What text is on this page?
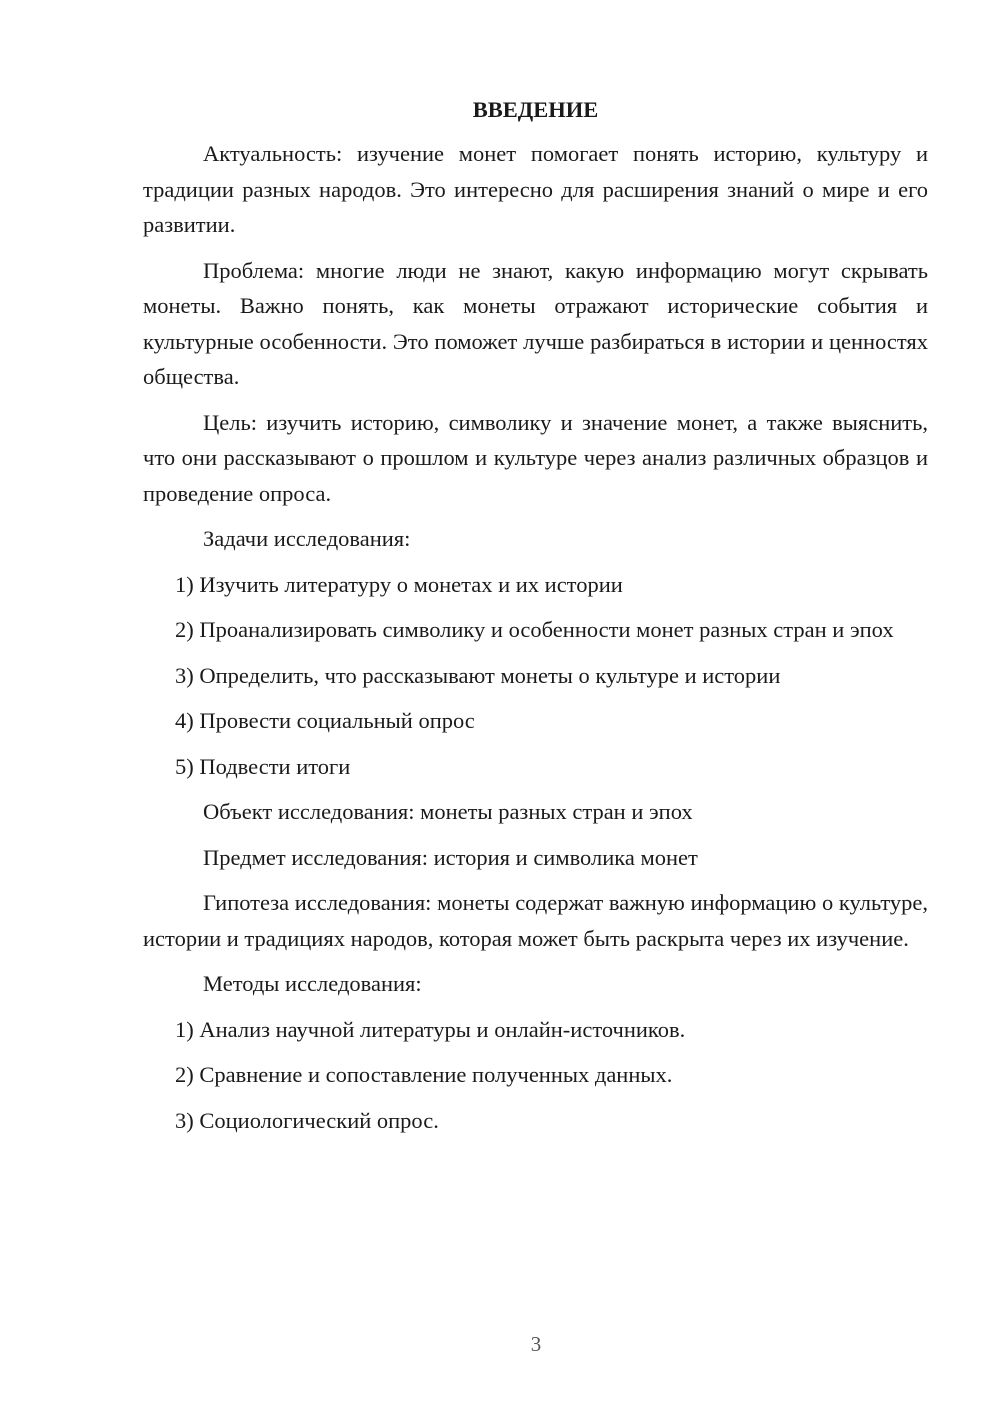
ВВЕДЕНИЕ
Актуальность: изучение монет помогает понять историю, культуру и традиции разных народов. Это интересно для расширения знаний о мире и его развитии.
Проблема: многие люди не знают, какую информацию могут скрывать монеты. Важно понять, как монеты отражают исторические события и культурные особенности. Это поможет лучше разбираться в истории и ценностях общества.
Цель: изучить историю, символику и значение монет, а также выяснить, что они рассказывают о прошлом и культуре через анализ различных образцов и проведение опроса.
Задачи исследования:
1) Изучить литературу о монетах и их истории
2) Проанализировать символику и особенности монет разных стран и эпох
3) Определить, что рассказывают монеты о культуре и истории
4) Провести социальный опрос
5) Подвести итоги
Объект исследования: монеты разных стран и эпох
Предмет исследования: история и символика монет
Гипотеза исследования: монеты содержат важную информацию о культуре, истории и традициях народов, которая может быть раскрыта через их изучение.
Методы исследования:
1) Анализ научной литературы и онлайн-источников.
2) Сравнение и сопоставление полученных данных.
3) Социологический опрос.
3
